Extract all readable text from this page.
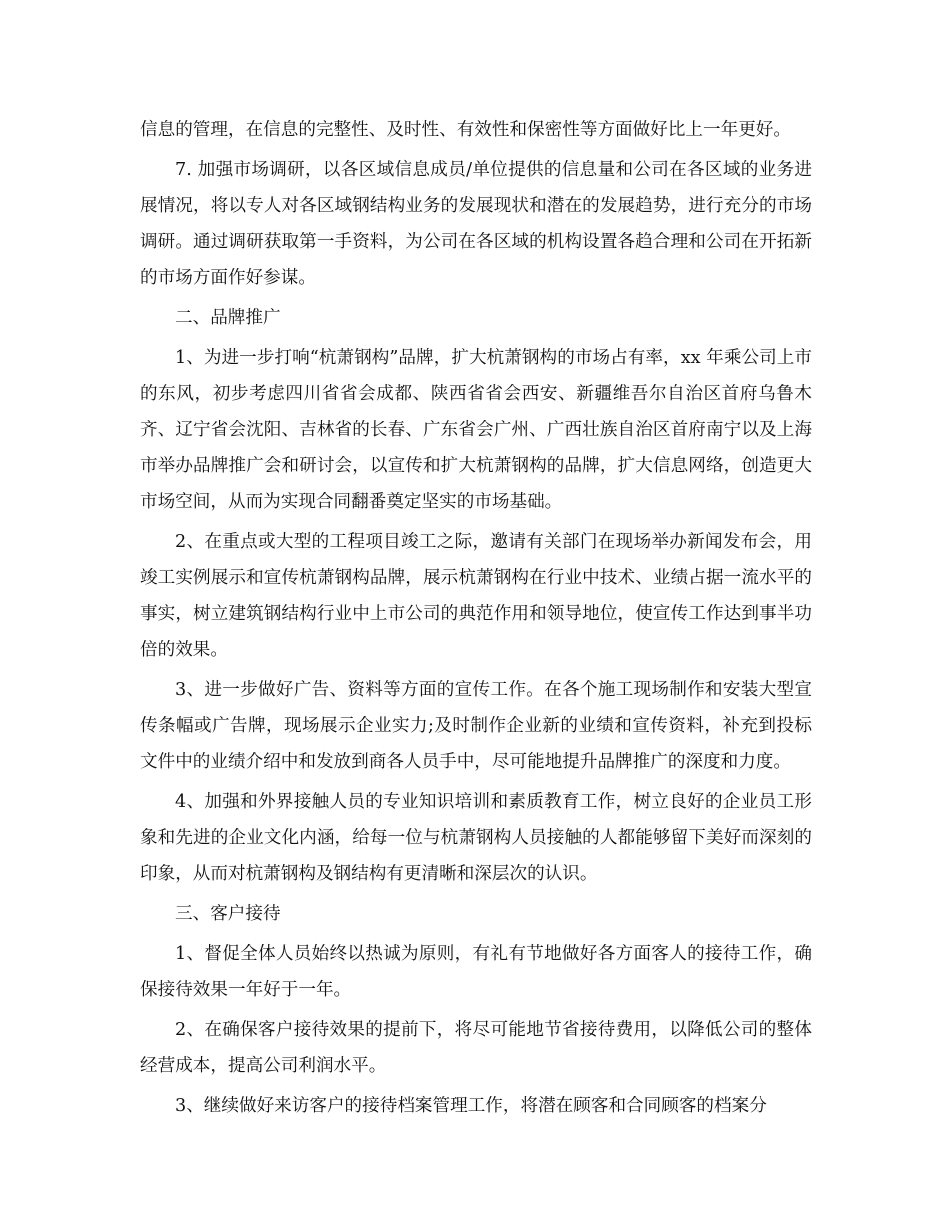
信息的管理，在信息的完整性、及时性、有效性和保密性等方面做好比上一年更好。

7. 加强市场调研，以各区域信息成员/单位提供的信息量和公司在各区域的业务进展情况，将以专人对各区域钢结构业务的发展现状和潜在的发展趋势，进行充分的市场调研。通过调研获取第一手资料，为公司在各区域的机构设置各趋合理和公司在开拓新的市场方面作好参谋。

二、品牌推广

1、为进一步打响“杭萧钢构”品牌，扩大杭萧钢构的市场占有率，xx 年乘公司上市的东风，初步考虑四川省省会成都、陕西省省会西安、新疆维吾尔自治区首府乌鲁木齐、辽宁省会沈阳、吉林省的长春、广东省会广州、广西壮族自治区首府南宁以及上海市举办品牌推广会和研讨会，以宣传和扩大杭萧钢构的品牌，扩大信息网络，创造更大市场空间，从而为实现合同翻番奠定坚实的市场基础。

2、在重点或大型的工程项目竣工之际，邀请有关部门在现场举办新闻发布会，用竣工实例展示和宣传杭萧钢构品牌，展示杭萧钢构在行业中技术、业绩占据一流水平的事实，树立建筑钢结构行业中上市公司的典范作用和领导地位，使宣传工作达到事半功倍的效果。

3、进一步做好广告、资料等方面的宣传工作。在各个施工现场制作和安装大型宣传条幅或广告牌，现场展示企业实力;及时制作企业新的业绩和宣传资料，补充到投标文件中的业绩介绍中和发放到商各人员手中，尽可能地提升品牌推广的深度和力度。

4、加强和外界接触人员的专业知识培训和素质教育工作，树立良好的企业员工形象和先进的企业文化内涵，给每一位与杭萧钢构人员接触的人都能够留下美好而深刻的印象，从而对杭萧钢构及钢结构有更清晰和深层次的认识。

三、客户接待

1、督促全体人员始终以热诚为原则，有礼有节地做好各方面客人的接待工作，确保接待效果一年好于一年。

2、在确保客户接待效果的提前下，将尽可能地节省接待费用，以降低公司的整体经营成本，提高公司利润水平。

3、继续做好来访客户的接待档案管理工作，将潜在顾客和合同顾客的档案分
